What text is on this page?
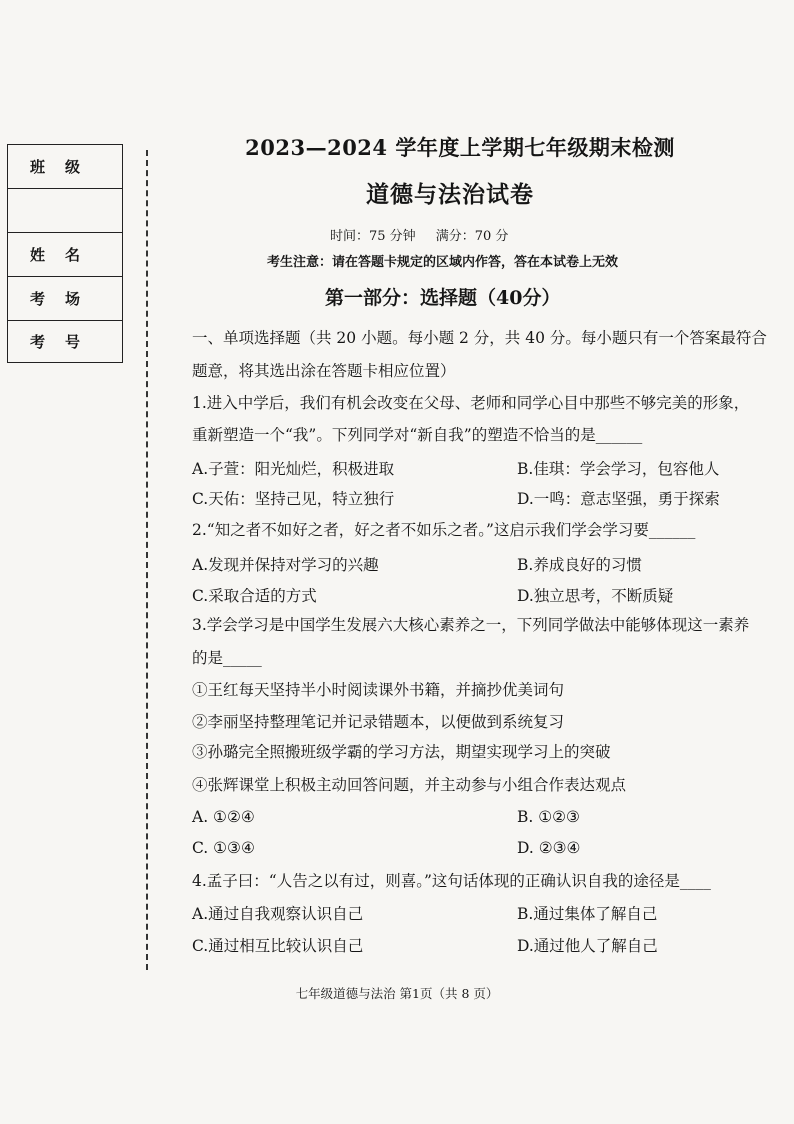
班级
姓名
考场
考号
2023—2024 学年度上学期七年级期末检测
道德与法治试卷
时间：75 分钟 满分：70 分
考生注意：请在答题卡规定的区域内作答，答在本试卷上无效
第一部分：选择题（40分）
一、单项选择题（共 20 小题。每小题 2 分，共 40 分。每小题只有一个答案最符合
题意，将其选出涂在答题卡相应位置）
1.进入中学后，我们有机会改变在父母、老师和同学心目中那些不够完美的形象，
重新塑造一个“我”。下列同学对“新自我”的塑造不恰当的是______
A.子萱：阳光灿烂，积极进取	B.佳琪：学会学习，包容他人
C.天佑：坚持己见，特立独行	D.一鸣：意志坚强，勇于探索
2.“知之者不如好之者，好之者不如乐之者。”这启示我们学会学习要______
A.发现并保持对学习的兴趣	B.养成良好的习惯
C.采取合适的方式	D.独立思考，不断质疑
3.学会学习是中国学生发展六大核心素养之一，下列同学做法中能够体现这一素养
的是_____
①王红每天坚持半小时阅读课外书籍，并摘抄优美词句
②李丽坚持整理笔记并记录错题本，以便做到系统复习
③孙璐完全照搬班级学霸的学习方法，期望实现学习上的突破
④张辉课堂上积极主动回答问题，并主动参与小组合作表达观点
A. ①②④	B. ①②③
C. ①③④	D. ②③④
4.孟子曰：“人告之以有过，则喜。”这句话体现的正确认识自我的途径是____
A.通过自我观察认识自己	B.通过集体了解自己
C.通过相互比较认识自己	D.通过他人了解自己
七年级道德与法治 第1页（共 8 页）
